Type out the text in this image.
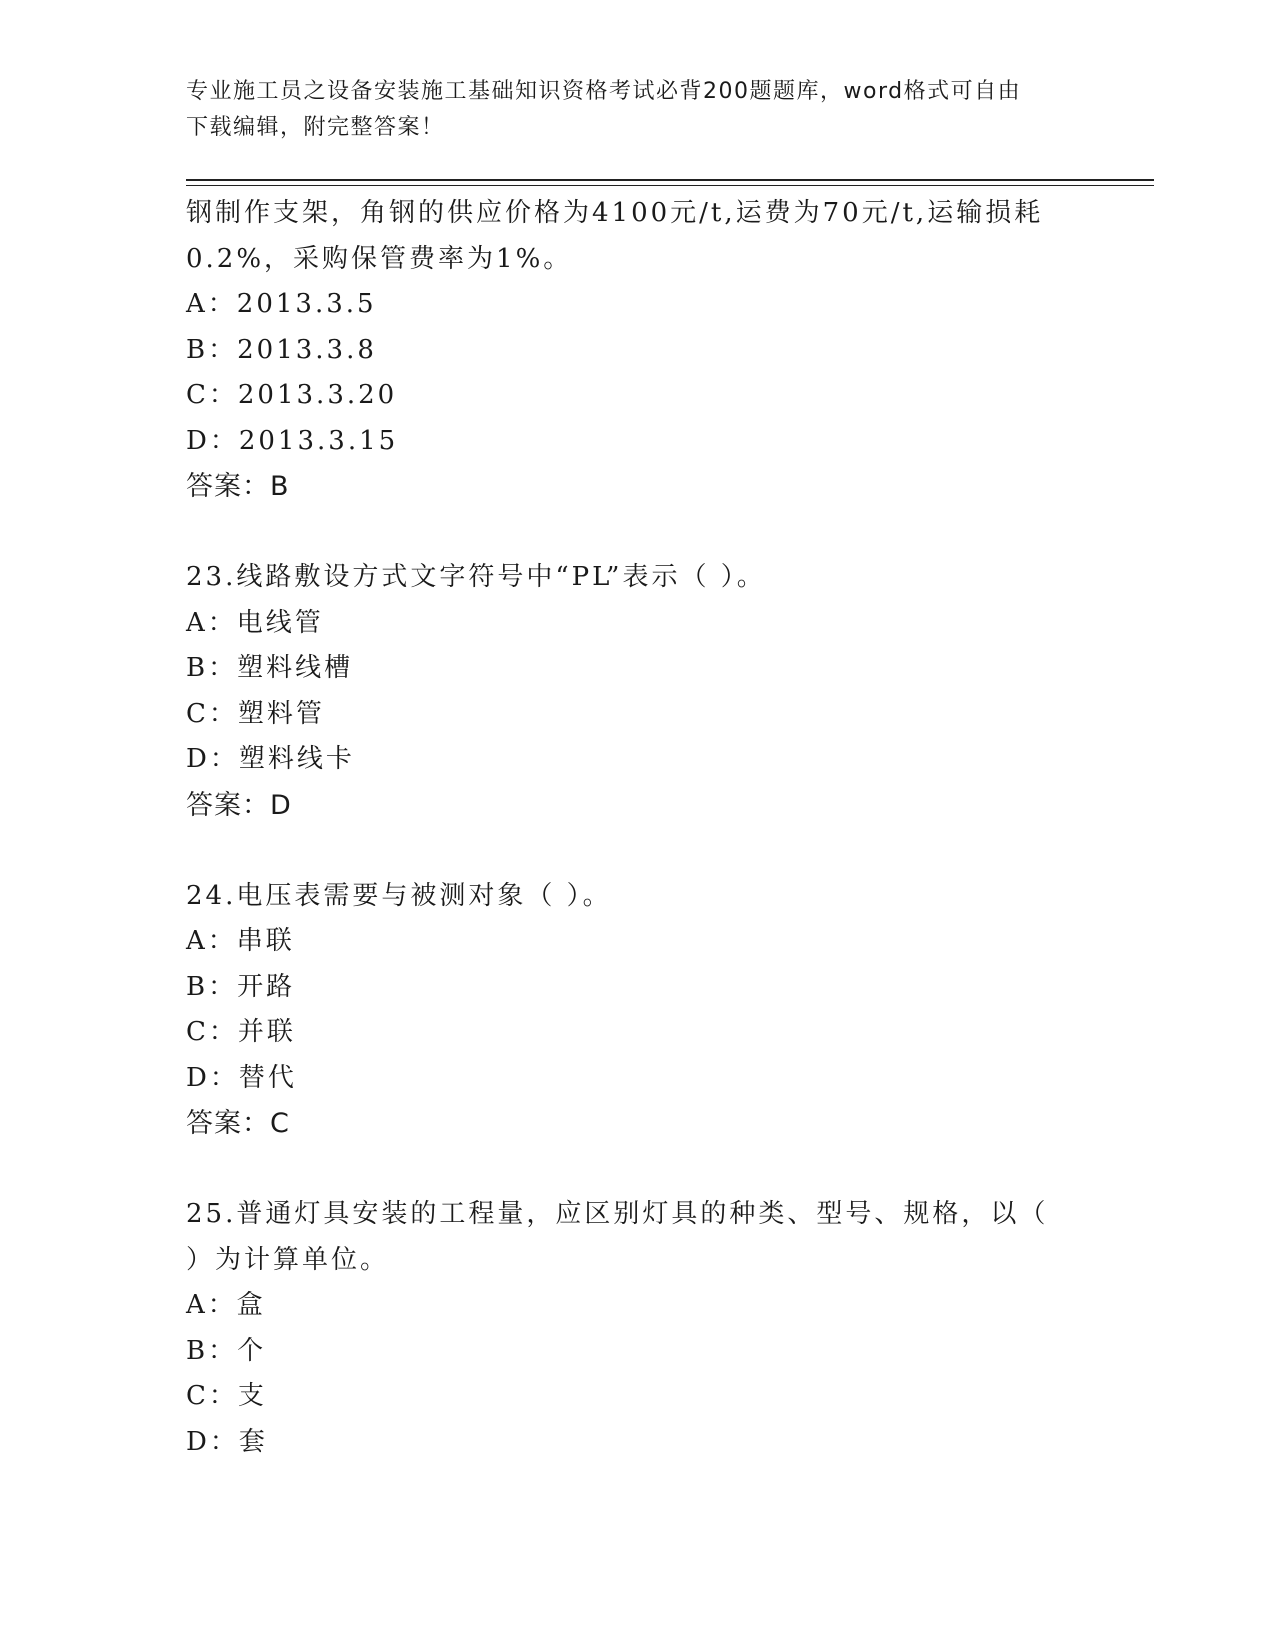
专业施工员之设备安装施工基础知识资格考试必背200题题库，word格式可自由
下载编辑，附完整答案！
钢制作支架，角钢的供应价格为4100元/t,运费为70元/t,运输损耗
0.2%，采购保管费率为1%。
A：2013.3.5
B：2013.3.8
C：2013.3.20
D：2013.3.15
答案：B
23.线路敷设方式文字符号中“PL”表示（ ）。
A：电线管
B：塑料线槽
C：塑料管
D：塑料线卡
答案：D
24.电压表需要与被测对象（ ）。
A：串联
B：开路
C：并联
D：替代
答案：C
25.普通灯具安装的工程量，应区别灯具的种类、型号、规格，以（
）为计算单位。
A：盒
B：个
C：支
D：套
